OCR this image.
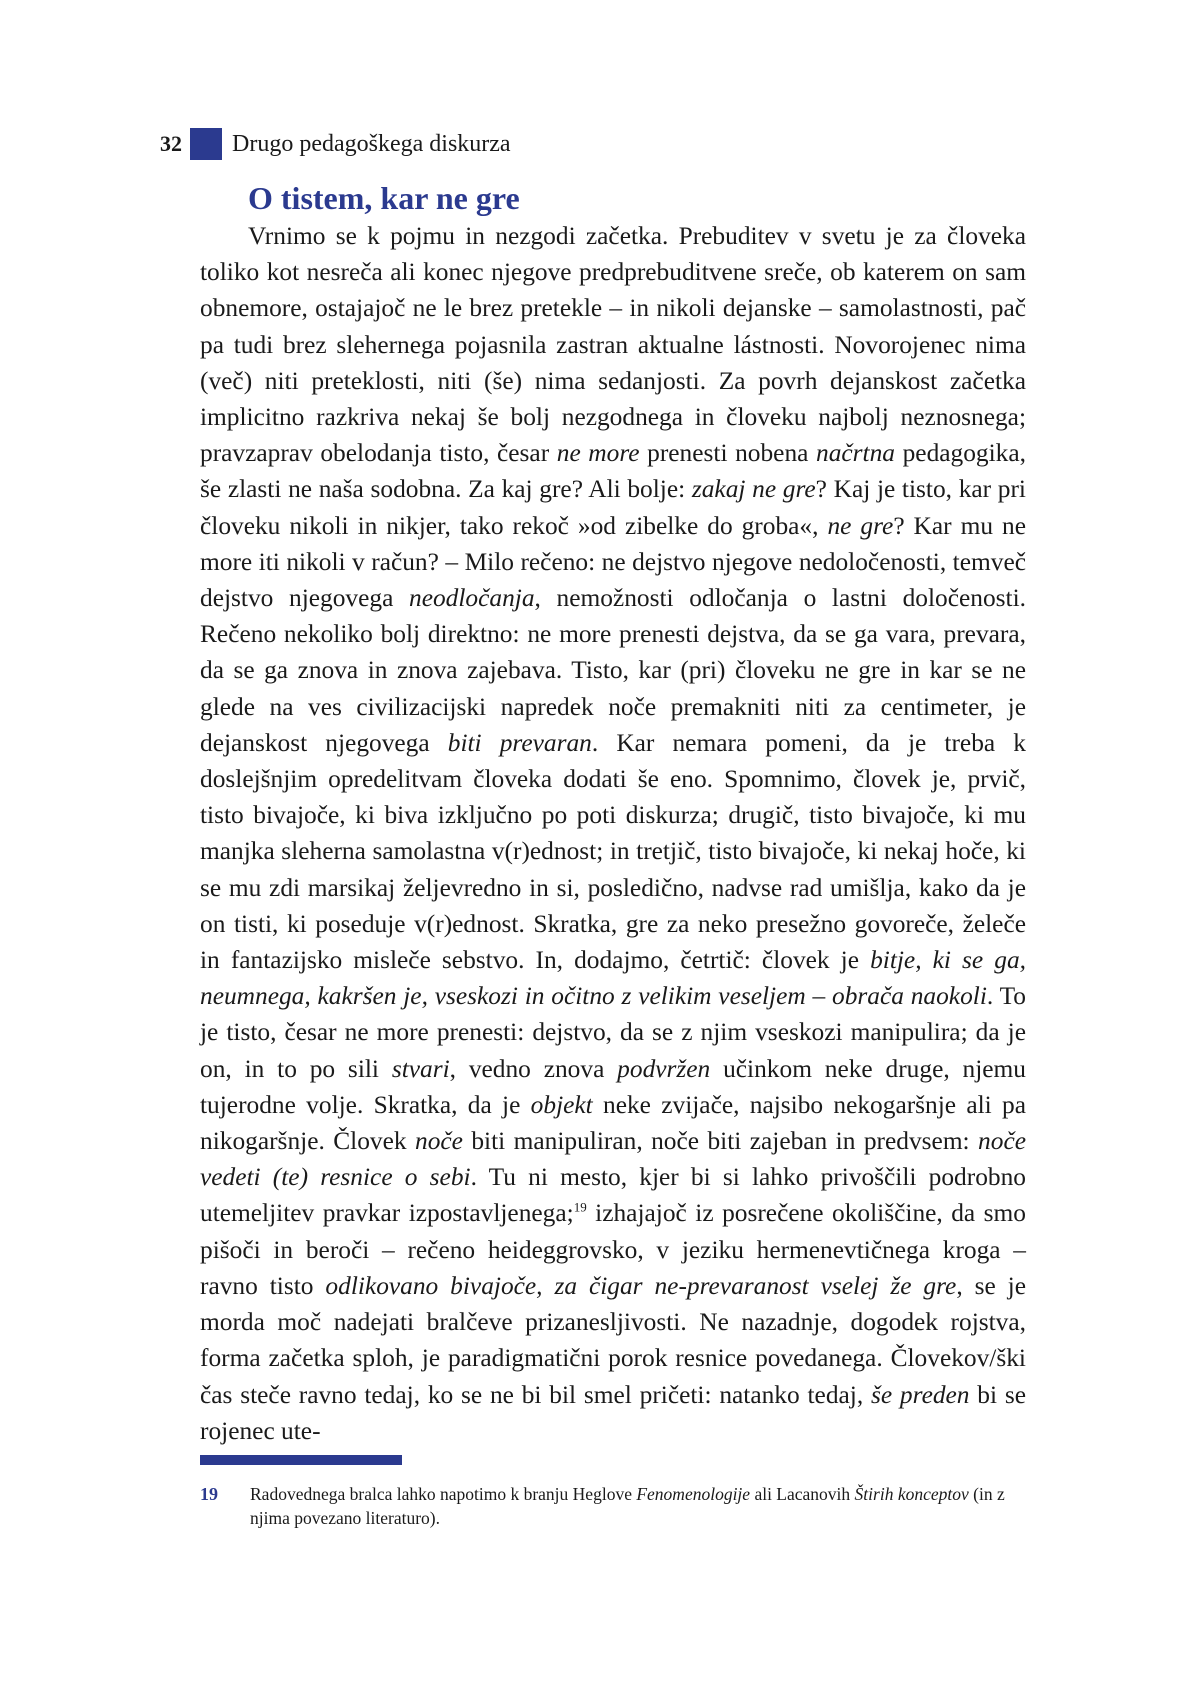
32 Drugo pedagoškega diskurza
O tistem, kar ne gre

Vrnimo se k pojmu in nezgodi začetka. Prebuditev v svetu je za človeka toliko kot nesreča ali konec njegove predprebuditvene sreče, ob katerem on sam obnemore, ostajajoč ne le brez pretekle – in nikoli dejanske – samolastnosti, pač pa tudi brez slehernega pojasnila zastran aktualne lástnosti. Novorojenec nima (več) niti preteklosti, niti (še) nima sedanjosti. Za povrh dejanskost začetka implicitno razkriva nekaj še bolj nezgodnega in človeku najbolj neznosnega; pravzaprav obelodanja tisto, česar ne more prenesti nobena načrtna pedagogika, še zlasti ne naša sodobna. Za kaj gre? Ali bolje: zakaj ne gre? Kaj je tisto, kar pri človeku nikoli in nikjer, tako rekoč »od zibelke do groba«, ne gre? Kar mu ne more iti nikoli v račun? – Milo rečeno: ne dejstvo njegove nedoločenosti, temveč dejstvo njegovega neodločanja, nemožnosti odločanja o lastni določenosti. Rečeno nekoliko bolj direktno: ne more prenesti dejstva, da se ga vara, prevara, da se ga znova in znova zajebava. Tisto, kar (pri) človeku ne gre in kar se ne glede na ves civilizacijski napredek noče premakniti niti za centimeter, je dejanskost njegovega biti prevaran. Kar nemara pomeni, da je treba k doslejšnjim opredelitvam človeka dodati še eno. Spomnimo, človek je, prvič, tisto bivajoče, ki biva izključno po poti diskurza; drugič, tisto bivajoče, ki mu manjka sleherna samolastna v(r)ednost; in tretjič, tisto bivajoče, ki nekaj hoče, ki se mu zdi marsikaj željevredno in si, posledično, nadvse rad umišlja, kako da je on tisti, ki poseduje v(r)ednost. Skratka, gre za neko presežno govoreče, želeče in fantazijsko misleče sebstvo. In, dodajmo, četrtič: človek je bitje, ki se ga, neumnega, kakršen je, vseskozi in očitno z velikim veseljem – obrača naokoli. To je tisto, česar ne more prenesti: dejstvo, da se z njim vseskozi manipulira; da je on, in to po sili stvari, vedno znova podvržen učinkom neke druge, njemu tujerodne volje. Skratka, da je objekt neke zvijače, najsibo nekogaršnje ali pa nikogaršnje. Človek noče biti manipuliran, noče biti zajeban in predvsem: noče vedeti (te) resnice o sebi. Tu ni mesto, kjer bi si lahko privoščili podrobno utemeljitev pravkar izpostavljenega;$^{19}$ izhajajoč iz posrečene okoliščine, da smo pišoči in beroči – rečeno heideggrovsko, v jeziku hermenevtičnega kroga – ravno tisto odlikovano bivajoče, za čigar ne-prevaranost vselej že gre, se je morda moč nadejati bralčeve prizanesljivosti. Ne nazadnje, dogodek rojstva, forma začetka sploh, je paradigmatični porok resnice povedanega. Človekov/ški čas steče ravno tedaj, ko se ne bi bil smel pričeti: natanko tedaj, še preden bi se rojenec ute-

19 Radovednega bralca lahko napotimo k branju Heglove Fenomenologije ali Lacanovih Štirih konceptov (in z njima povezano literaturo).
